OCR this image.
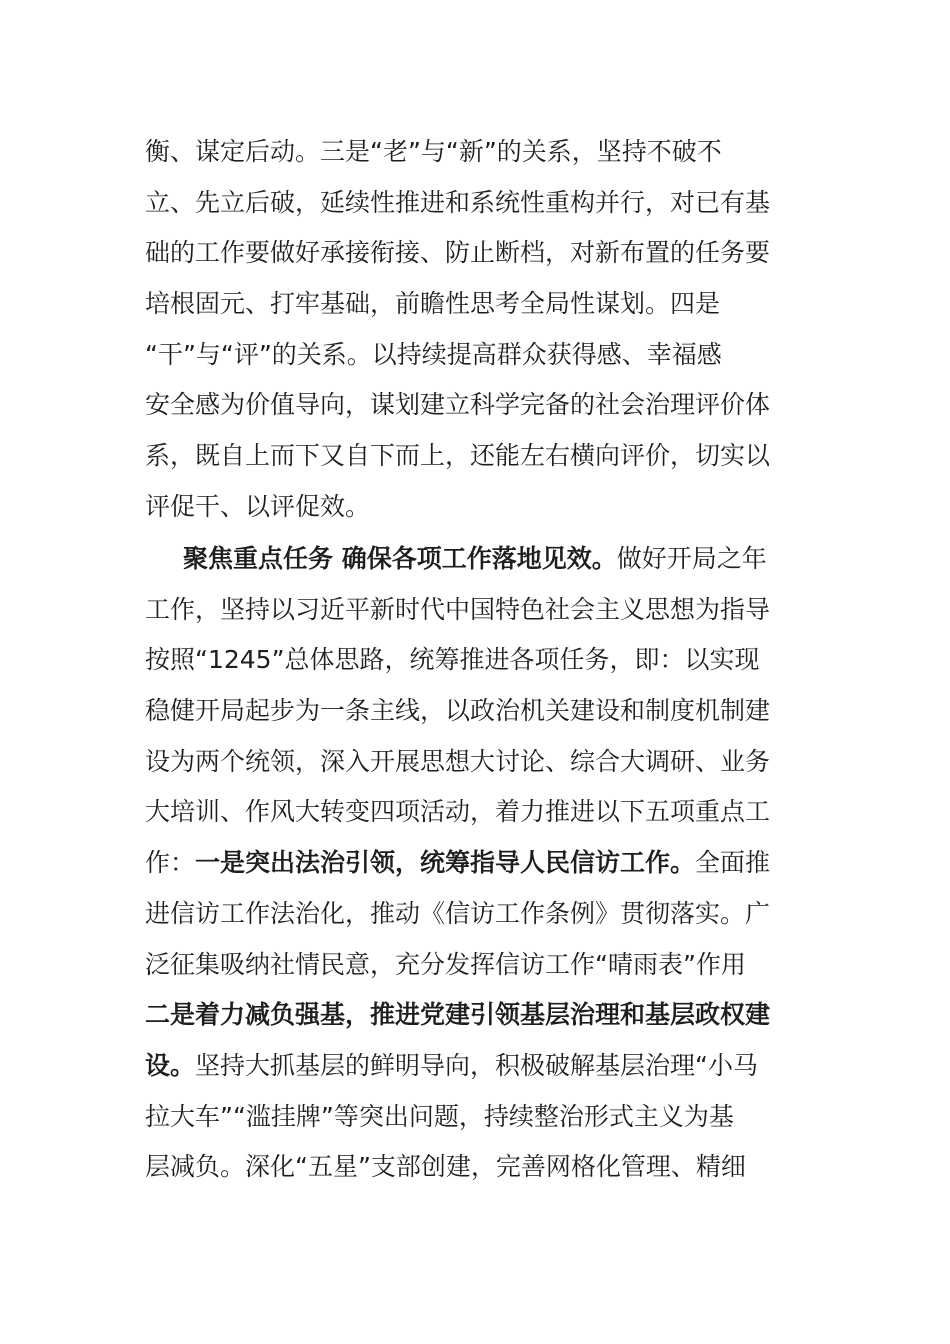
衡、谋定后动。三是“老”与“新”的关系，坚持不破不
立、先立后破，延续性推进和系统性重构并行，对已有基
础的工作要做好承接衔接、防止断档，对新布置的任务要
培根固元、打牢基础，前瞻性思考全局性谋划。四是
“干”与“评”的关系。以持续提高群众获得感、幸福感
安全感为价值导向，谋划建立科学完备的社会治理评价体
系，既自上而下又自下而上，还能左右横向评价，切实以
评促干、以评促效。
聚焦重点任务 确保各项工作落地见效。做好开局之年
工作，坚持以习近平新时代中国特色社会主义思想为指导
按照“1245”总体思路，统筹推进各项任务，即：以实现
稳健开局起步为一条主线，以政治机关建设和制度机制建
设为两个统领，深入开展思想大讨论、综合大调研、业务
大培训、作风大转变四项活动，着力推进以下五项重点工
作：一是突出法治引领，统筹指导人民信访工作。全面推
进信访工作法治化，推动《信访工作条例》贯彻落实。广
泛征集吸纳社情民意，充分发挥信访工作“晴雨表”作用
二是着力减负强基，推进党建引领基层治理和基层政权建
设。坚持大抓基层的鲜明导向，积极破解基层治理“小马
拉大车”“滥挂牌”等突出问题，持续整治形式主义为基
层减负。深化“五星”支部创建，完善网格化管理、精细
